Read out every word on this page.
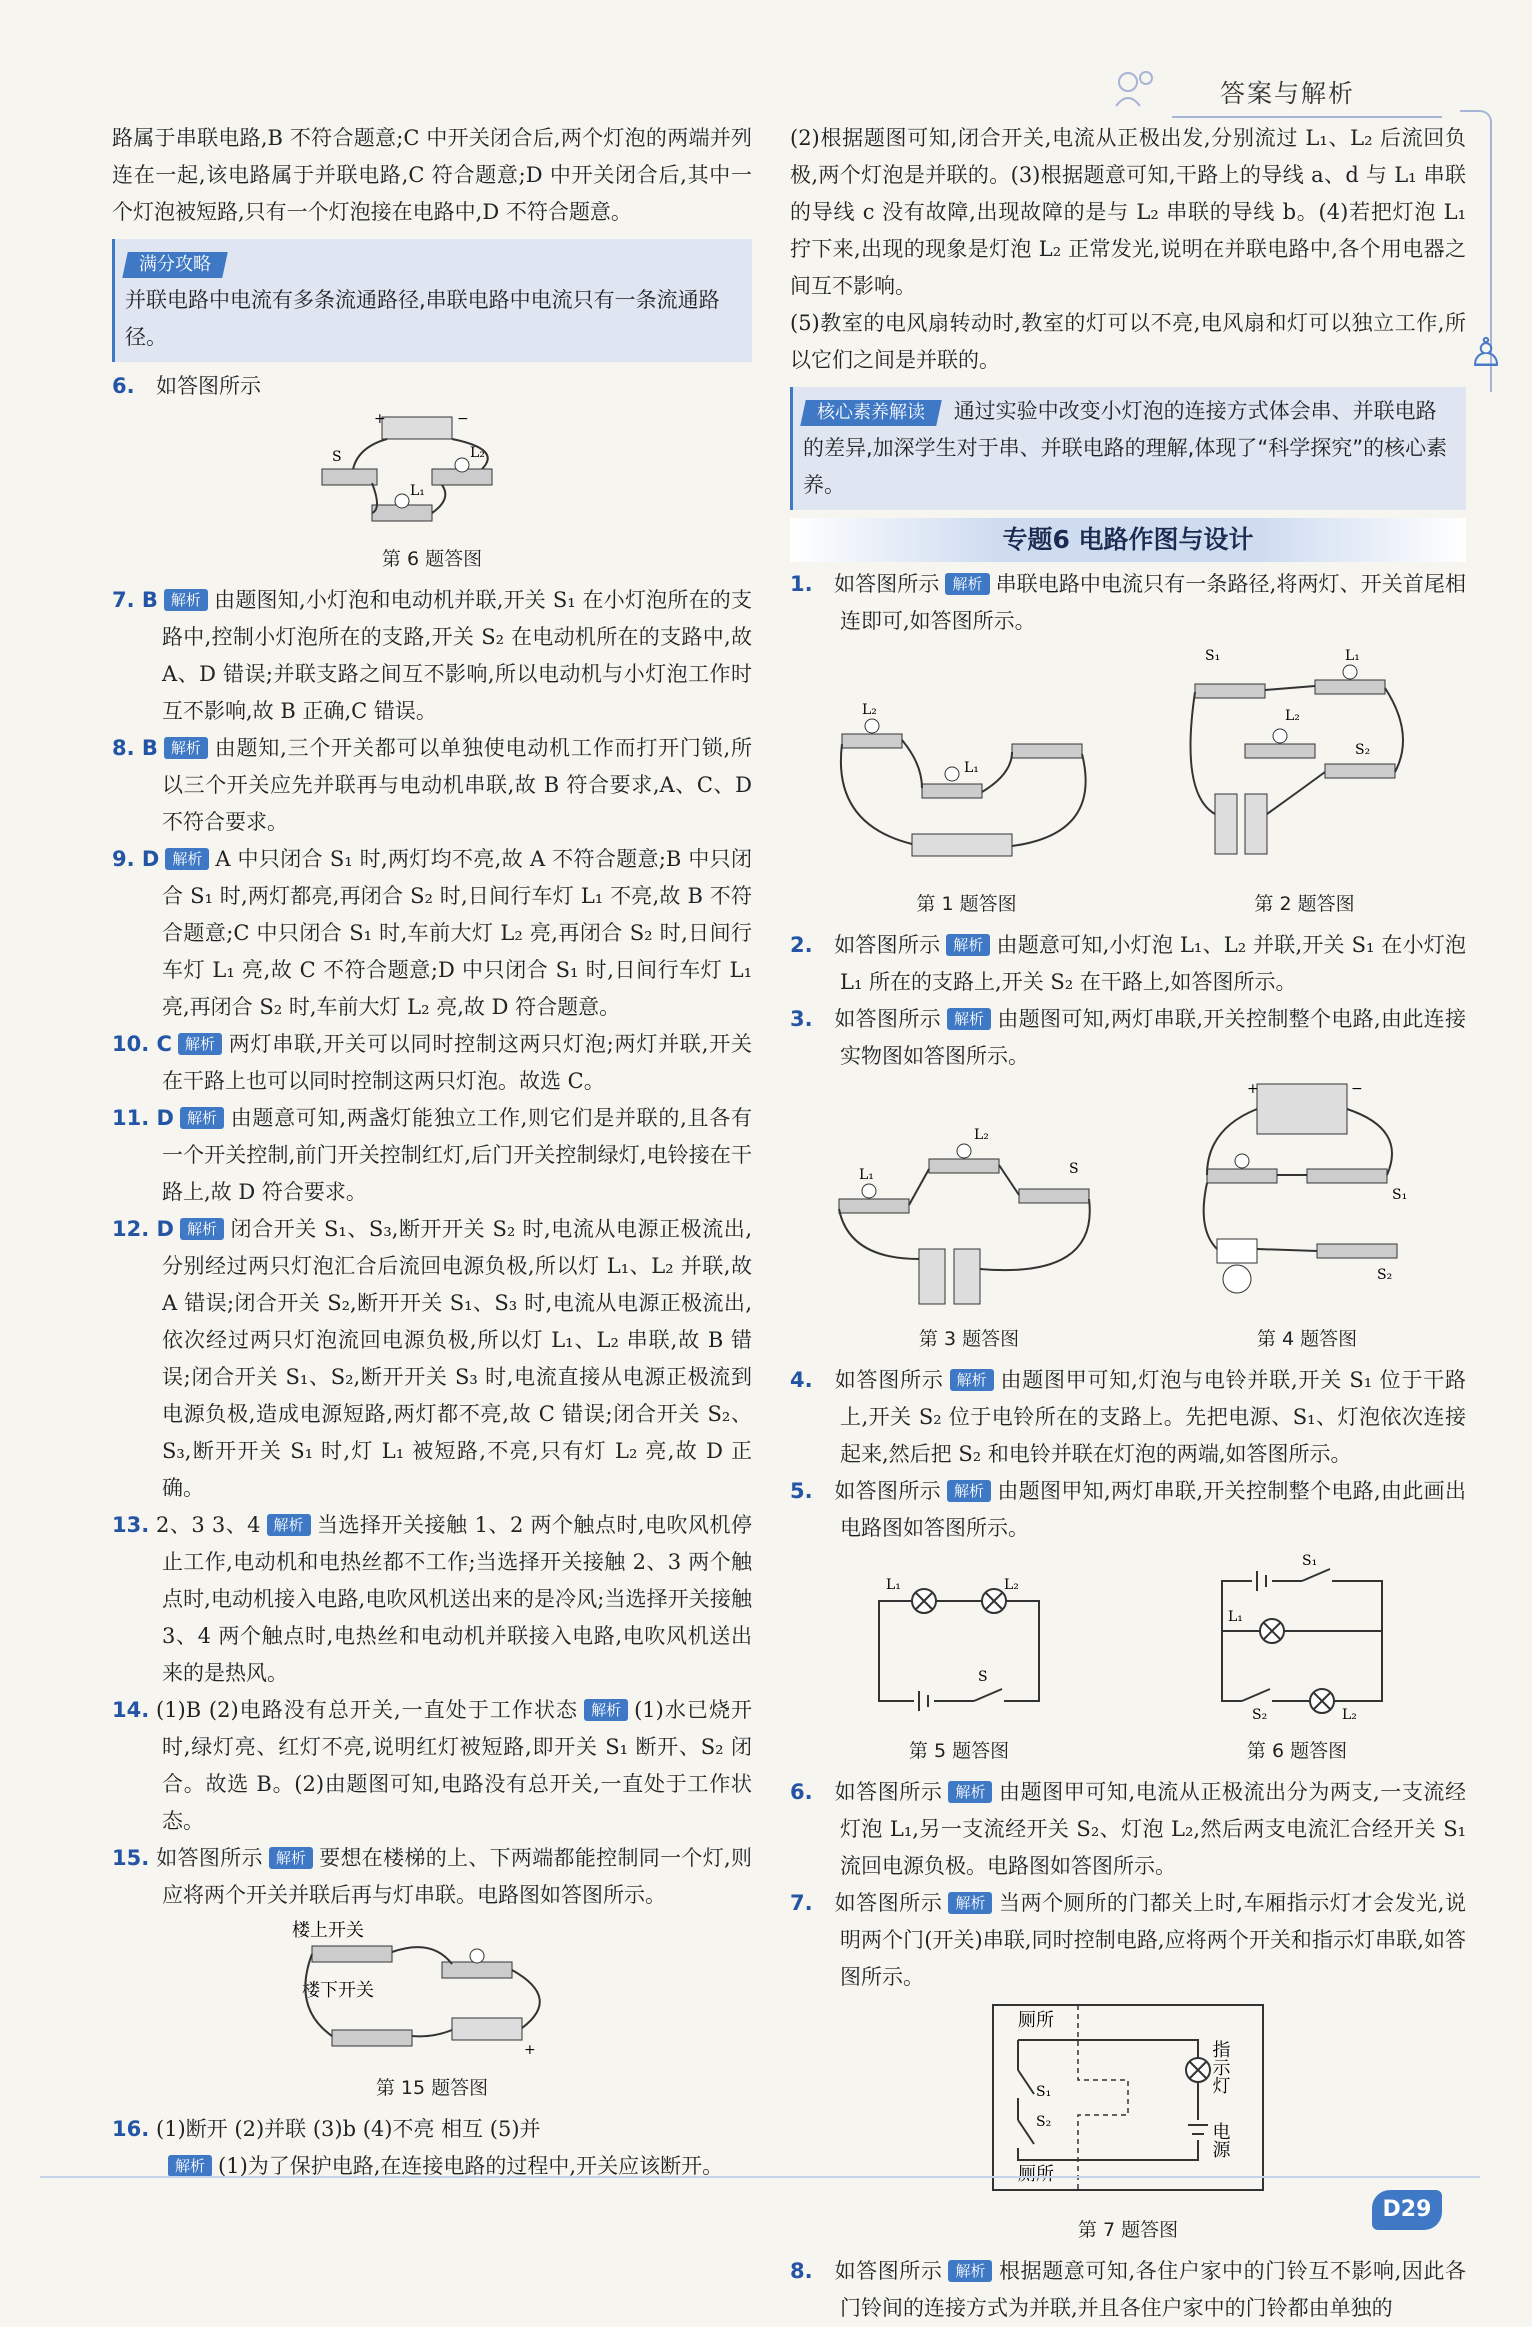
答案与解析
♙

路属于串联电路,B 不符合题意;C 中开关闭合后,两个灯泡的两端并列连在一起,该电路属于并联电路,C 符合题意;D 中开关闭合后,其中一个灯泡被短路,只有一个灯泡接在电路中,D 不符合题意。

满分攻略
并联电路中电流有多条流通路径,串联电路中电流只有一条流通路径。

6. 如答图所示

+	−
S	L₂
L₁
第 6 题答图

7. B 解析 由题图知,小灯泡和电动机并联,开关 S₁ 在小灯泡所在的支路中,控制小灯泡所在的支路,开关 S₂ 在电动机所在的支路中,故 A、D 错误;并联支路之间互不影响,所以电动机与小灯泡工作时互不影响,故 B 正确,C 错误。

8. B 解析 由题知,三个开关都可以单独使电动机工作而打开门锁,所以三个开关应先并联再与电动机串联,故 B 符合要求,A、C、D 不符合要求。

9. D 解析 A 中只闭合 S₁ 时,两灯均不亮,故 A 不符合题意;B 中只闭合 S₁ 时,两灯都亮,再闭合 S₂ 时,日间行车灯 L₁ 不亮,故 B 不符合题意;C 中只闭合 S₁ 时,车前大灯 L₂ 亮,再闭合 S₂ 时,日间行车灯 L₁ 亮,故 C 不符合题意;D 中只闭合 S₁ 时,日间行车灯 L₁ 亮,再闭合 S₂ 时,车前大灯 L₂ 亮,故 D 符合题意。

10. C 解析 两灯串联,开关可以同时控制这两只灯泡;两灯并联,开关在干路上也可以同时控制这两只灯泡。故选 C。

11. D 解析 由题意可知,两盏灯能独立工作,则它们是并联的,且各有一个开关控制,前门开关控制红灯,后门开关控制绿灯,电铃接在干路上,故 D 符合要求。

12. D 解析 闭合开关 S₁、S₃,断开开关 S₂ 时,电流从电源正极流出,分别经过两只灯泡汇合后流回电源负极,所以灯 L₁、L₂ 并联,故 A 错误;闭合开关 S₂,断开开关 S₁、S₃ 时,电流从电源正极流出,依次经过两只灯泡流回电源负极,所以灯 L₁、L₂ 串联,故 B 错误;闭合开关 S₁、S₂,断开开关 S₃ 时,电流直接从电源正极流到电源负极,造成电源短路,两灯都不亮,故 C 错误;闭合开关 S₂、S₃,断开开关 S₁ 时,灯 L₁ 被短路,不亮,只有灯 L₂ 亮,故 D 正确。

13. 2、3 3、4 解析 当选择开关接触 1、2 两个触点时,电吹风机停止工作,电动机和电热丝都不工作;当选择开关接触 2、3 两个触点时,电动机接入电路,电吹风机送出来的是冷风;当选择开关接触 3、4 两个触点时,电热丝和电动机并联接入电路,电吹风机送出来的是热风。

14. (1)B (2)电路没有总开关,一直处于工作状态 解析 (1)水已烧开时,绿灯亮、红灯不亮,说明红灯被短路,即开关 S₁ 断开、S₂ 闭合。故选 B。(2)由题图可知,电路没有总开关,一直处于工作状态。

15. 如答图所示 解析 要想在楼梯的上、下两端都能控制同一个灯,则应将两个开关并联后再与灯串联。电路图如答图所示。

楼上开关
楼下开关
+
第 15 题答图

16. (1)断开 (2)并联 (3)b (4)不亮 相互 (5)并

解析 (1)为了保护电路,在连接电路的过程中,开关应该断开。

(2)根据题图可知,闭合开关,电流从正极出发,分别流过 L₁、L₂ 后流回负极,两个灯泡是并联的。(3)根据题意可知,干路上的导线 a、d 与 L₁ 串联的导线 c 没有故障,出现故障的是与 L₂ 串联的导线 b。(4)若把灯泡 L₁ 拧下来,出现的现象是灯泡 L₂ 正常发光,说明在并联电路中,各个用电器之间互不影响。

(5)教室的电风扇转动时,教室的灯可以不亮,电风扇和灯可以独立工作,所以它们之间是并联的。

核心素养解读 通过实验中改变小灯泡的连接方式体会串、并联电路的差异,加深学生对于串、并联电路的理解,体现了“科学探究”的核心素养。
专题6 电路作图与设计

1. 如答图所示 解析 串联电路中电流只有一条路径,将两灯、开关首尾相连即可,如答图所示。

L₂
L₁
第 1 题答图
S₁	L₁
L₂
S₂
第 2 题答图

2. 如答图所示 解析 由题意可知,小灯泡 L₁、L₂ 并联,开关 S₁ 在小灯泡 L₁ 所在的支路上,开关 S₂ 在干路上,如答图所示。

3. 如答图所示 解析 由题图可知,两灯串联,开关控制整个电路,由此连接实物图如答图所示。

L₁
L₂
S
第 3 题答图
+	−
S₁
S₂
第 4 题答图

4. 如答图所示 解析 由题图甲可知,灯泡与电铃并联,开关 S₁ 位于干路上,开关 S₂ 位于电铃所在的支路上。先把电源、S₁、灯泡依次连接起来,然后把 S₂ 和电铃并联在灯泡的两端,如答图所示。

5. 如答图所示 解析 由题图甲知,两灯串联,开关控制整个电路,由此画出电路图如答图所示。

L₁	L₂
S
第 5 题答图
S₁
L₁
L₂
S₂
第 6 题答图

6. 如答图所示 解析 由题图甲可知,电流从正极流出分为两支,一支流经灯泡 L₁,另一支流经开关 S₂、灯泡 L₂,然后两支电流汇合经开关 S₁ 流回电源负极。电路图如答图所示。

7. 如答图所示 解析 当两个厕所的门都关上时,车厢指示灯才会发光,说明两个门(开关)串联,同时控制电路,应将两个开关和指示灯串联,如答图所示。

厕所
厕所
S₁
S₂
指示灯
电源
第 7 题答图

8. 如答图所示 解析 根据题意可知,各住户家中的门铃互不影响,因此各门铃间的连接方式为并联,并且各住户家中的门铃都由单独的

D29
